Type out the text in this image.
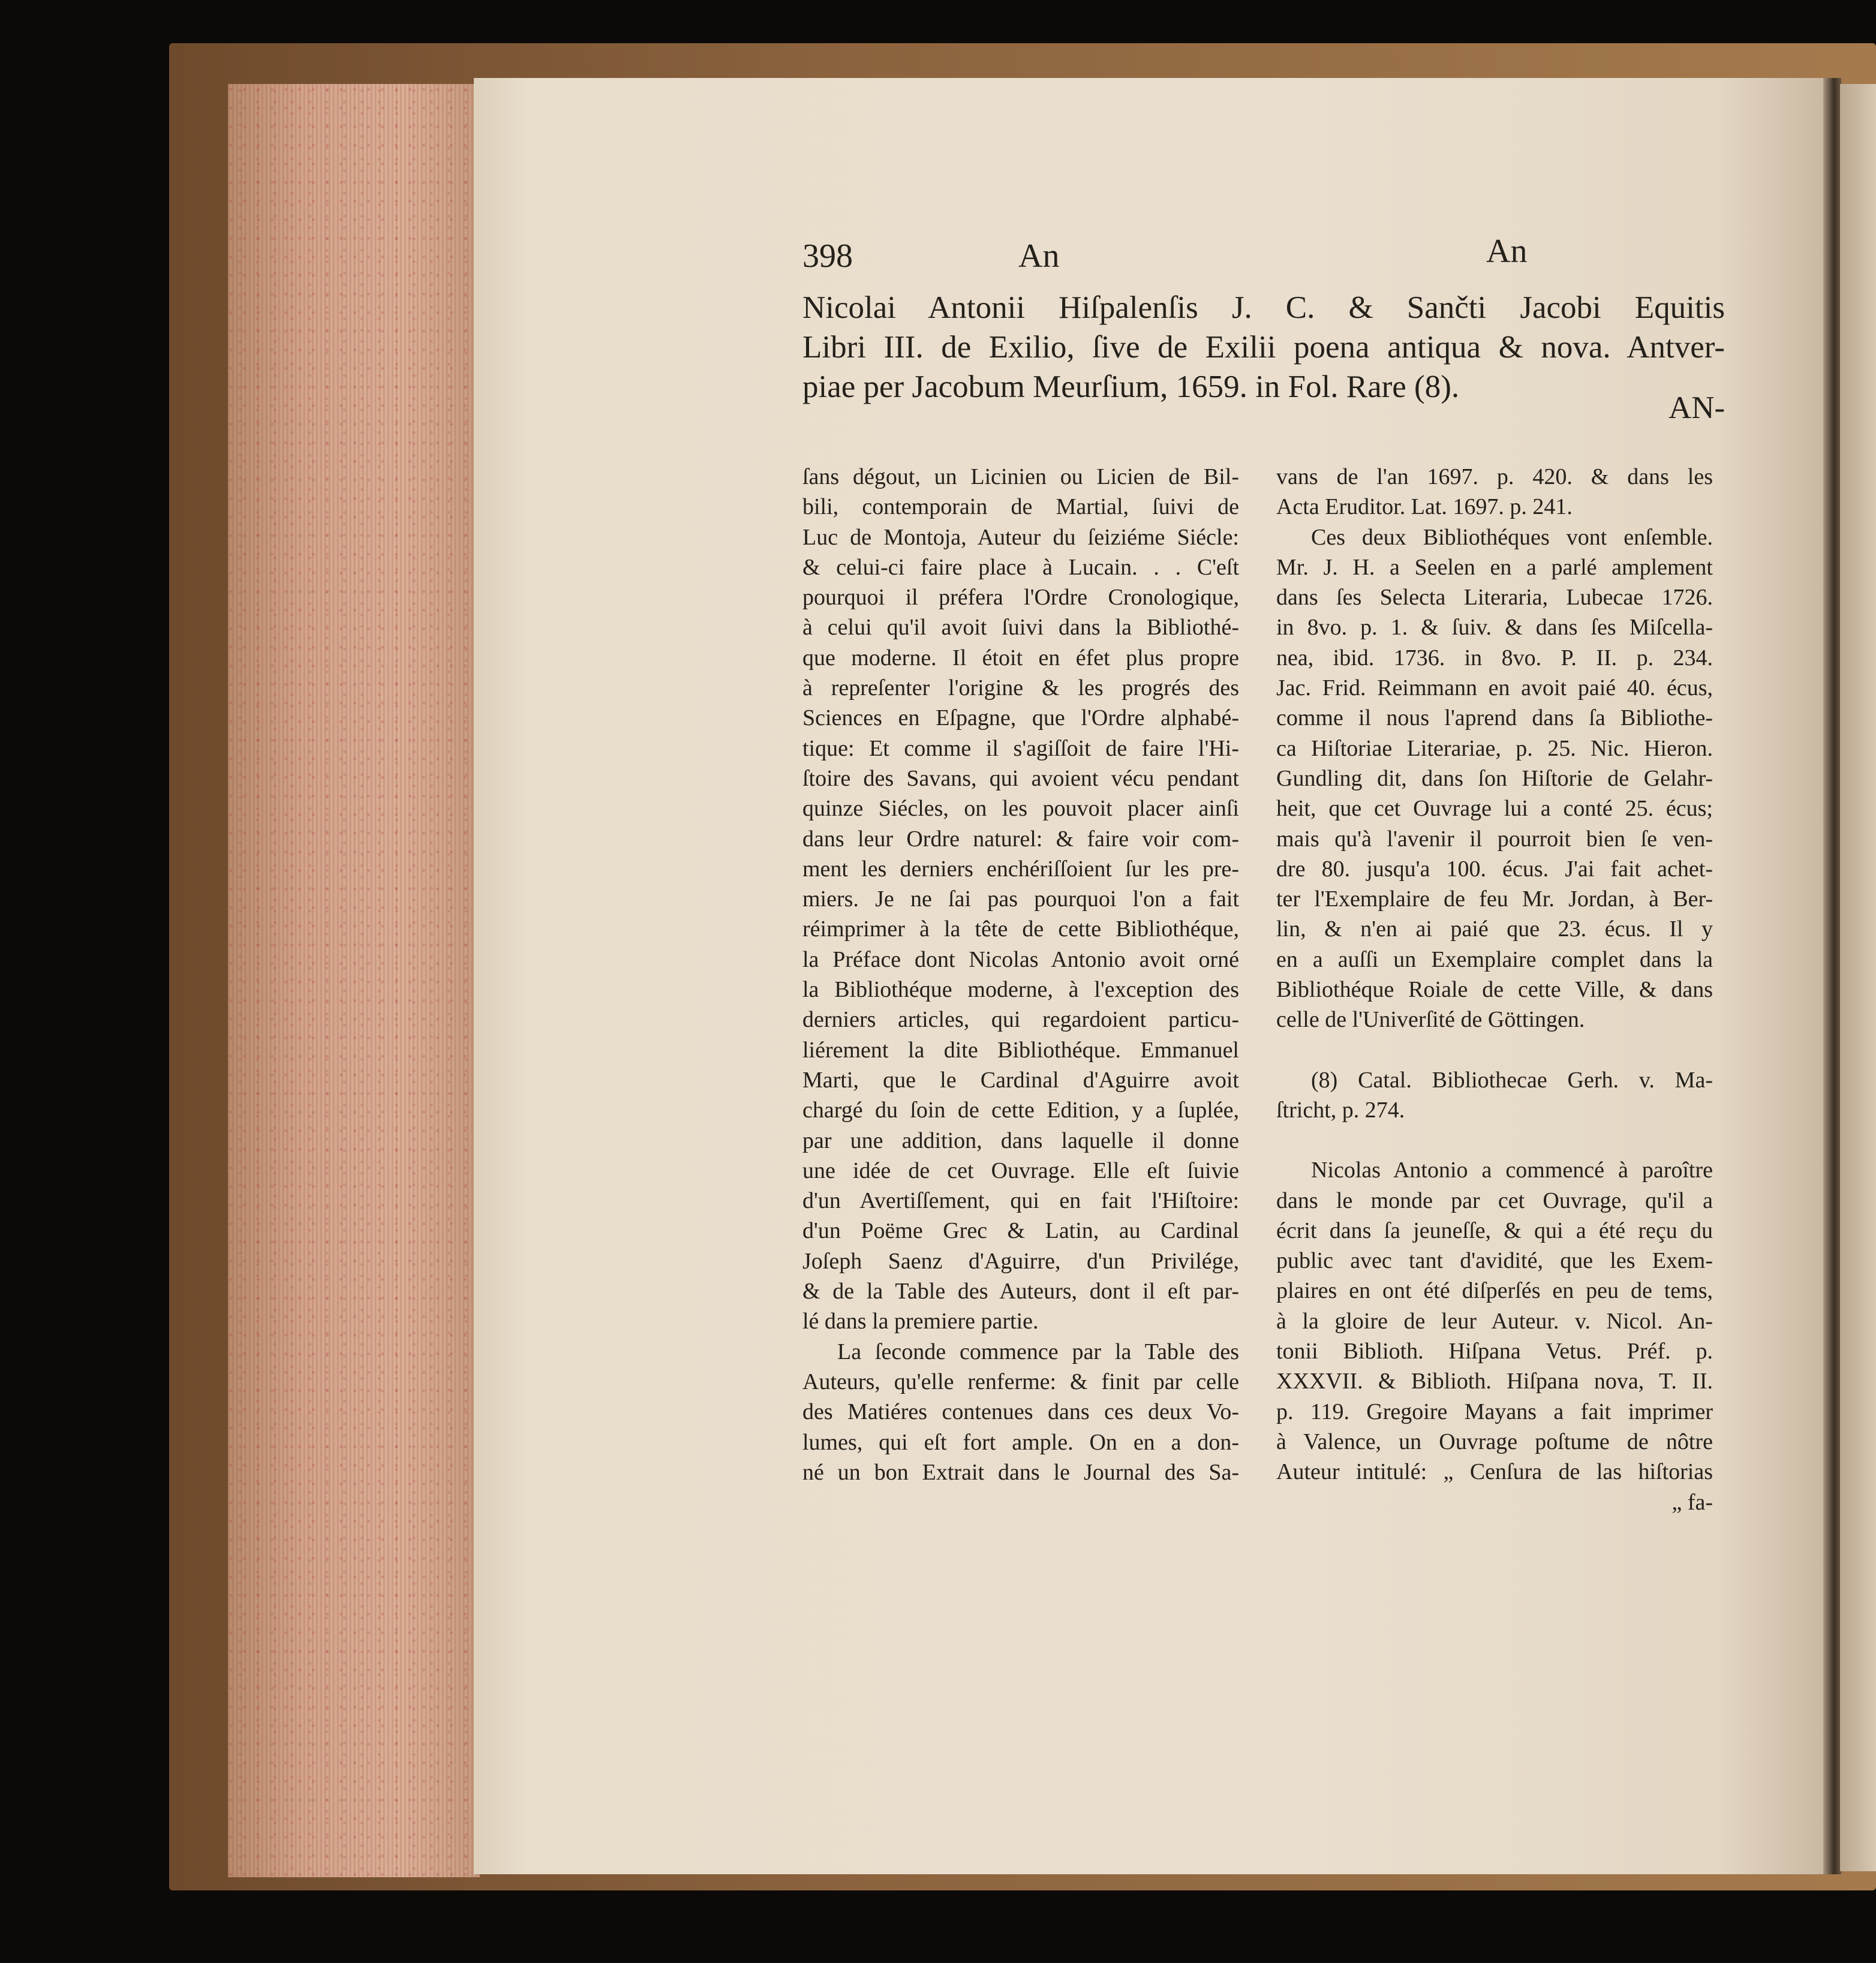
398	An	An
Nicolai Antonii Hiſpalenſis J. C. & Sančti Jacobi Equitis
Libri III. de Exilio, ſive de Exilii poena antiqua & nova. Antver-
piae per Jacobum Meurſium, 1659. in Fol. Rare (8).
AN-
ſans dégout, un Licinien ou Licien de Bil-
bili, contemporain de Martial, ſuivi de
Luc de Montoja, Auteur du ſeiziéme Siécle:
& celui-ci faire place à Lucain. . . C'eſt
pourquoi il préfera l'Ordre Cronologique,
à celui qu'il avoit ſuivi dans la Bibliothé-
que moderne. Il étoit en éfet plus propre
à repreſenter l'origine & les progrés des
Sciences en Eſpagne, que l'Ordre alphabé-
tique: Et comme il s'agiſſoit de faire l'Hi-
ſtoire des Savans, qui avoient vécu pendant
quinze Siécles, on les pouvoit placer ainſi
dans leur Ordre naturel: & faire voir com-
ment les derniers enchériſſoient ſur les pre-
miers. Je ne ſai pas pourquoi l'on a fait
réimprimer à la tête de cette Bibliothéque,
la Préface dont Nicolas Antonio avoit orné
la Bibliothéque moderne, à l'exception des
derniers articles, qui regardoient particu-
liérement la dite Bibliothéque. Emmanuel
Marti, que le Cardinal d'Aguirre avoit
chargé du ſoin de cette Edition, y a ſuplée,
par une addition, dans laquelle il donne
une idée de cet Ouvrage. Elle eſt ſuivie
d'un Avertiſſement, qui en fait l'Hiſtoire:
d'un Poëme Grec & Latin, au Cardinal
Joſeph Saenz d'Aguirre, d'un Privilége,
& de la Table des Auteurs, dont il eſt par-
lé dans la premiere partie.
La ſeconde commence par la Table des
Auteurs, qu'elle renferme: & finit par celle
des Matiéres contenues dans ces deux Vo-
lumes, qui eſt fort ample. On en a don-
né un bon Extrait dans le Journal des Sa-
vans de l'an 1697. p. 420. & dans les
Acta Eruditor. Lat. 1697. p. 241.
Ces deux Bibliothéques vont enſemble.
Mr. J. H. a Seelen en a parlé amplement
dans ſes Selecta Literaria, Lubecae 1726.
in 8vo. p. 1. & ſuiv. & dans ſes Miſcella-
nea, ibid. 1736. in 8vo. P. II. p. 234.
Jac. Frid. Reimmann en avoit paié 40. écus,
comme il nous l'aprend dans ſa Bibliothe-
ca Hiſtoriae Literariae, p. 25. Nic. Hieron.
Gundling dit, dans ſon Hiſtorie de Gelahr-
heit, que cet Ouvrage lui a conté 25. écus;
mais qu'à l'avenir il pourroit bien ſe ven-
dre 80. jusqu'a 100. écus. J'ai fait achet-
ter l'Exemplaire de feu Mr. Jordan, à Ber-
lin, & n'en ai paié que 23. écus. Il y
en a auſſi un Exemplaire complet dans la
Bibliothéque Roiale de cette Ville, & dans
celle de l'Univerſité de Göttingen.
(8) Catal. Bibliothecae Gerh. v. Ma-
ſtricht, p. 274.
Nicolas Antonio a commencé à paroître
dans le monde par cet Ouvrage, qu'il a
écrit dans ſa jeuneſſe, & qui a été reçu du
public avec tant d'avidité, que les Exem-
plaires en ont été diſperſés en peu de tems,
à la gloire de leur Auteur. v. Nicol. An-
tonii Biblioth. Hiſpana Vetus. Préf. p.
XXXVII. & Biblioth. Hiſpana nova, T. II.
p. 119. Gregoire Mayans a fait imprimer
à Valence, un Ouvrage poſtume de nôtre
Auteur intitulé: „ Cenſura de las hiſtorias
„ fa-
